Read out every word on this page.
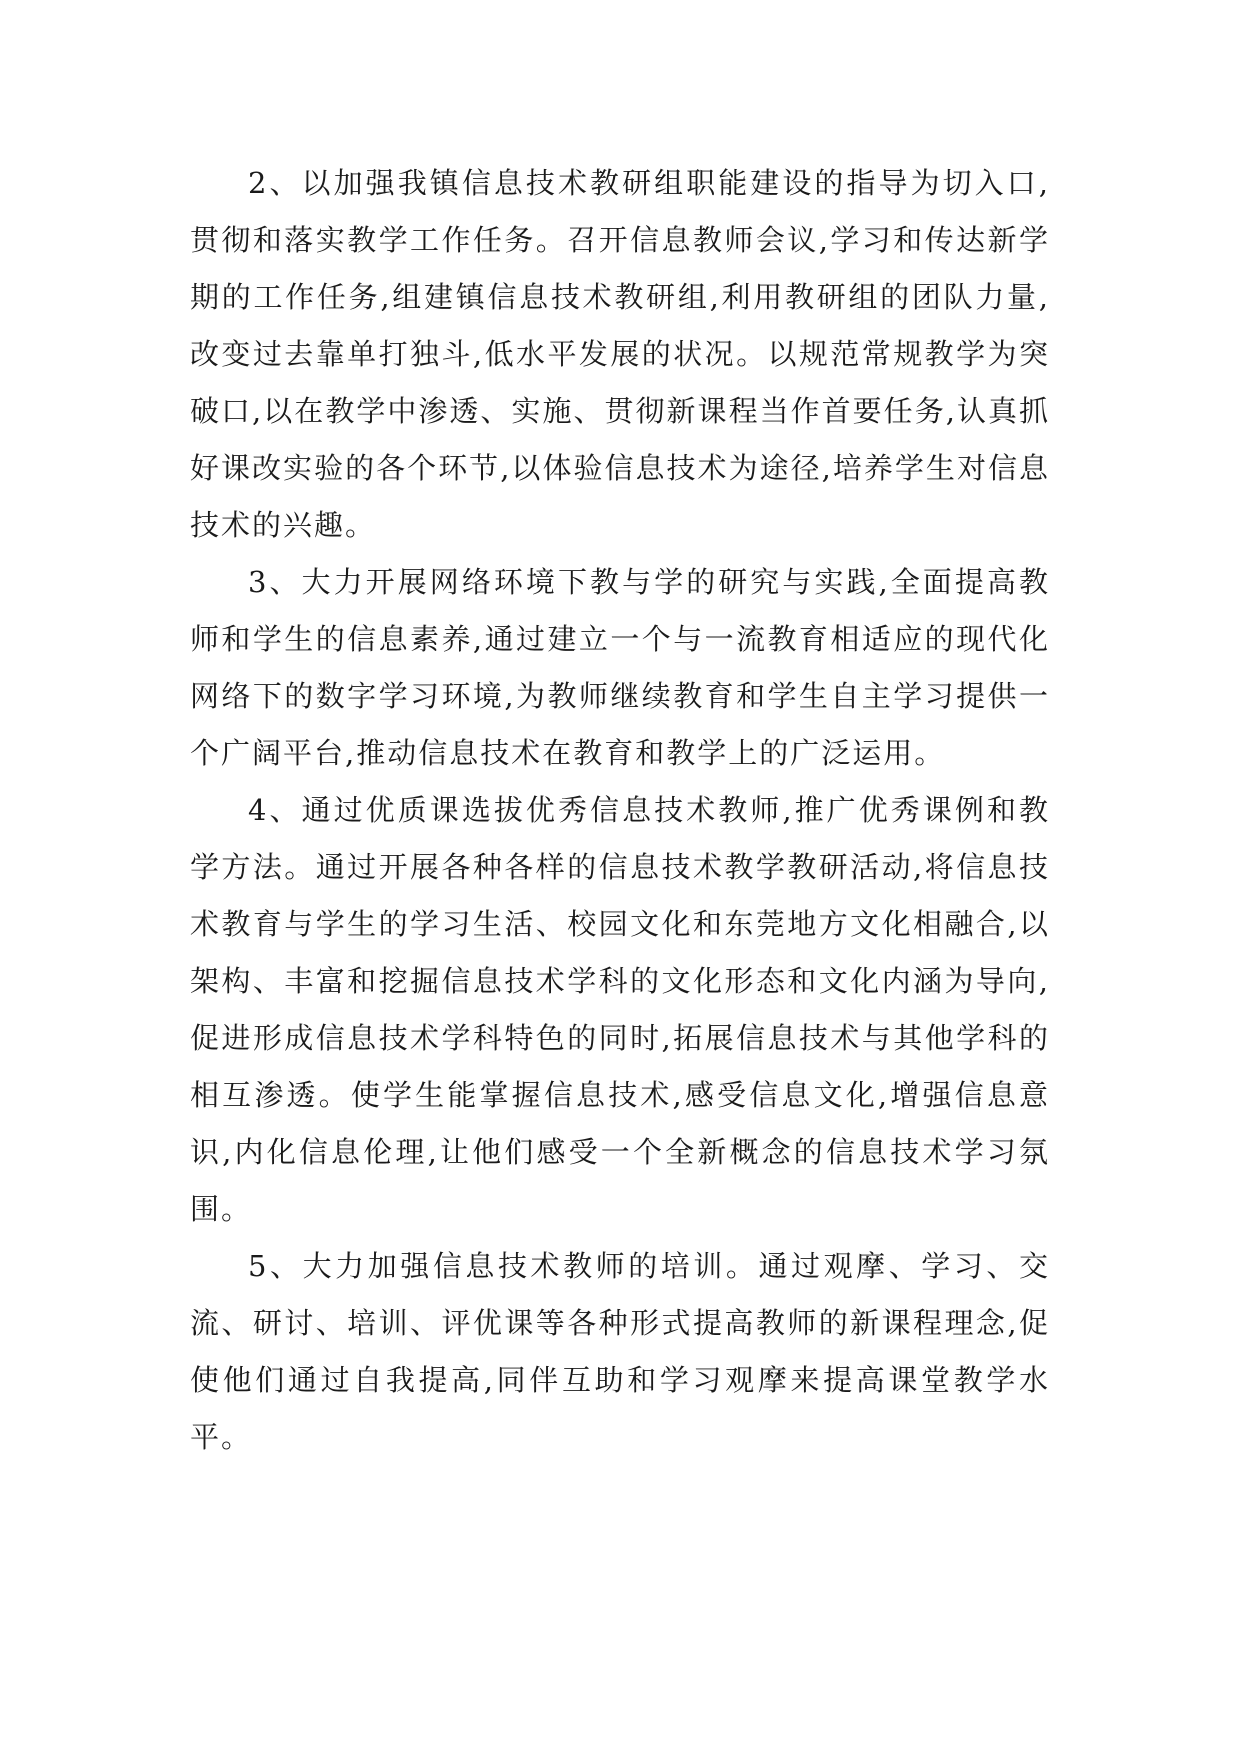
2、以加强我镇信息技术教研组职能建设的指导为切入口,贯彻和落实教学工作任务。召开信息教师会议,学习和传达新学期的工作任务,组建镇信息技术教研组,利用教研组的团队力量,改变过去靠单打独斗,低水平发展的状况。以规范常规教学为突破口,以在教学中渗透、实施、贯彻新课程当作首要任务,认真抓好课改实验的各个环节,以体验信息技术为途径,培养学生对信息技术的兴趣。

3、大力开展网络环境下教与学的研究与实践,全面提高教师和学生的信息素养,通过建立一个与一流教育相适应的现代化网络下的数字学习环境,为教师继续教育和学生自主学习提供一个广阔平台,推动信息技术在教育和教学上的广泛运用。

4、通过优质课选拔优秀信息技术教师,推广优秀课例和教学方法。通过开展各种各样的信息技术教学教研活动,将信息技术教育与学生的学习生活、校园文化和东莞地方文化相融合,以架构、丰富和挖掘信息技术学科的文化形态和文化内涵为导向,促进形成信息技术学科特色的同时,拓展信息技术与其他学科的相互渗透。使学生能掌握信息技术,感受信息文化,增强信息意识,内化信息伦理,让他们感受一个全新概念的信息技术学习氛围。

5、大力加强信息技术教师的培训。通过观摩、学习、交流、研讨、培训、评优课等各种形式提高教师的新课程理念,促使他们通过自我提高,同伴互助和学习观摩来提高课堂教学水平。
